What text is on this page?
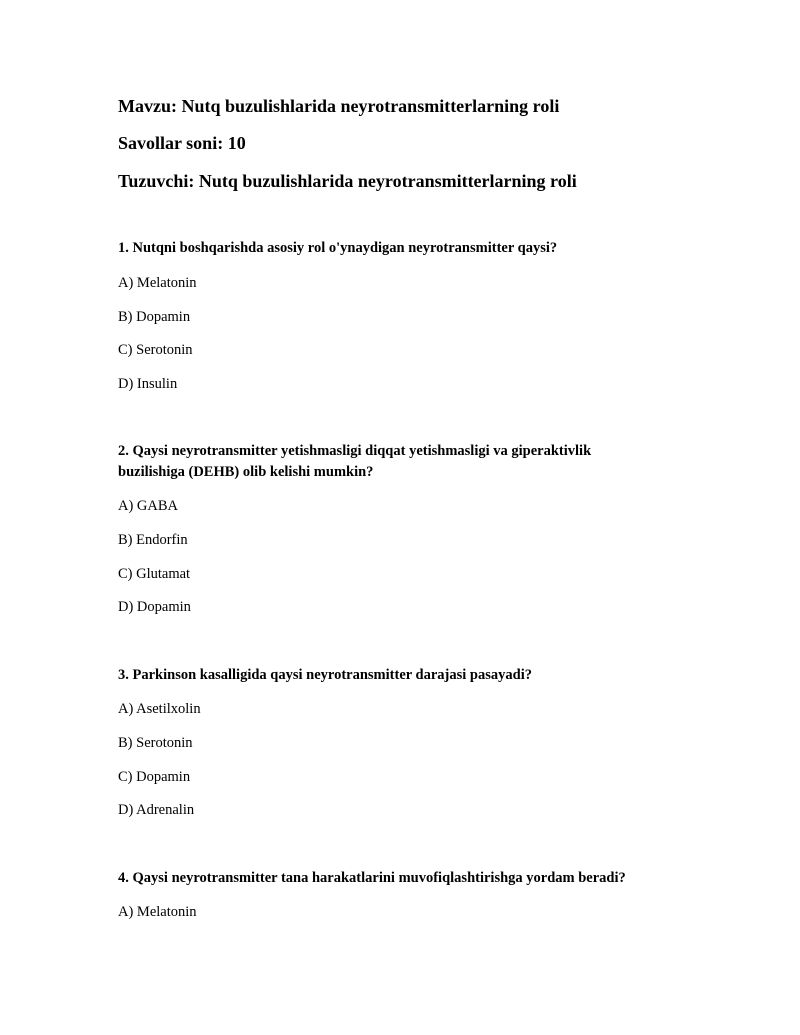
Mavzu: Nutq buzulishlarida neyrotransmitterlarning roli
Savollar soni: 10
Tuzuvchi: Nutq buzulishlarida neyrotransmitterlarning roli
1. Nutqni boshqarishda asosiy rol o'ynaydigan neyrotransmitter qaysi?
A) Melatonin
B) Dopamin
C) Serotonin
D) Insulin
2. Qaysi neyrotransmitter yetishmasligi diqqat yetishmasligi va giperaktivlik buzilishiga (DEHB) olib kelishi mumkin?
A) GABA
B) Endorfin
C) Glutamat
D) Dopamin
3. Parkinson kasalligida qaysi neyrotransmitter darajasi pasayadi?
A) Asetilxolin
B) Serotonin
C) Dopamin
D) Adrenalin
4. Qaysi neyrotransmitter tana harakatlarini muvofiqlashtirishga yordam beradi?
A) Melatonin
